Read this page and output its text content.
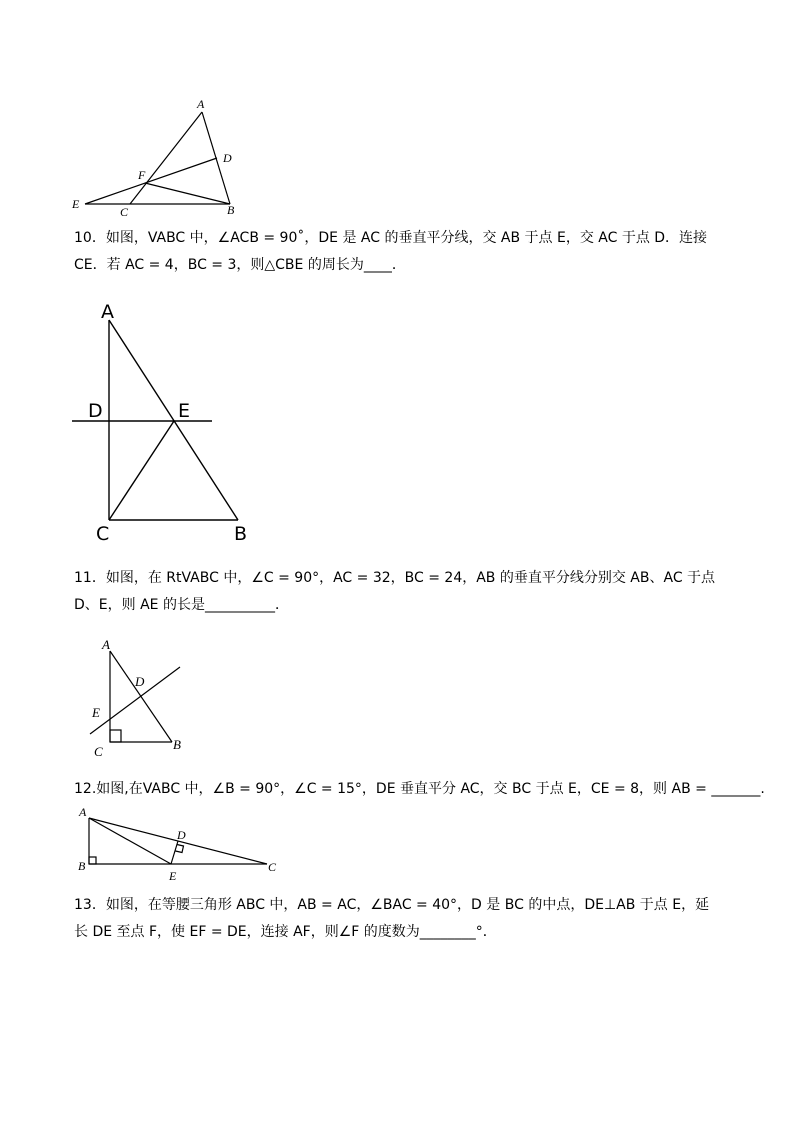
A
D
F
E
C	B

10．如图，VABC 中，∠ACB = 90˚，DE 是 AC 的垂直平分线，交 AB 于点 E，交 AC 于点 D．连接

CE．若 AC = 4，BC = 3，则△CBE 的周长为____．

A
D	E
C	B

11．如图，在 RtVABC 中，∠C = 90°，AC = 32，BC = 24，AB 的垂直平分线分别交 AB、AC 于点

D、E，则 AE 的长是__________．

A
D
E
C	B

12.如图,在VABC 中，∠B = 90°，∠C = 15°，DE 垂直平分 AC，交 BC 于点 E，CE = 8，则 AB = _______.

A
D
B
E
C

13．如图，在等腰三角形 ABC 中，AB = AC，∠BAC = 40°，D 是 BC 的中点，DE⊥AB 于点 E，延

长 DE 至点 F，使 EF = DE，连接 AF，则∠F 的度数为________°．
